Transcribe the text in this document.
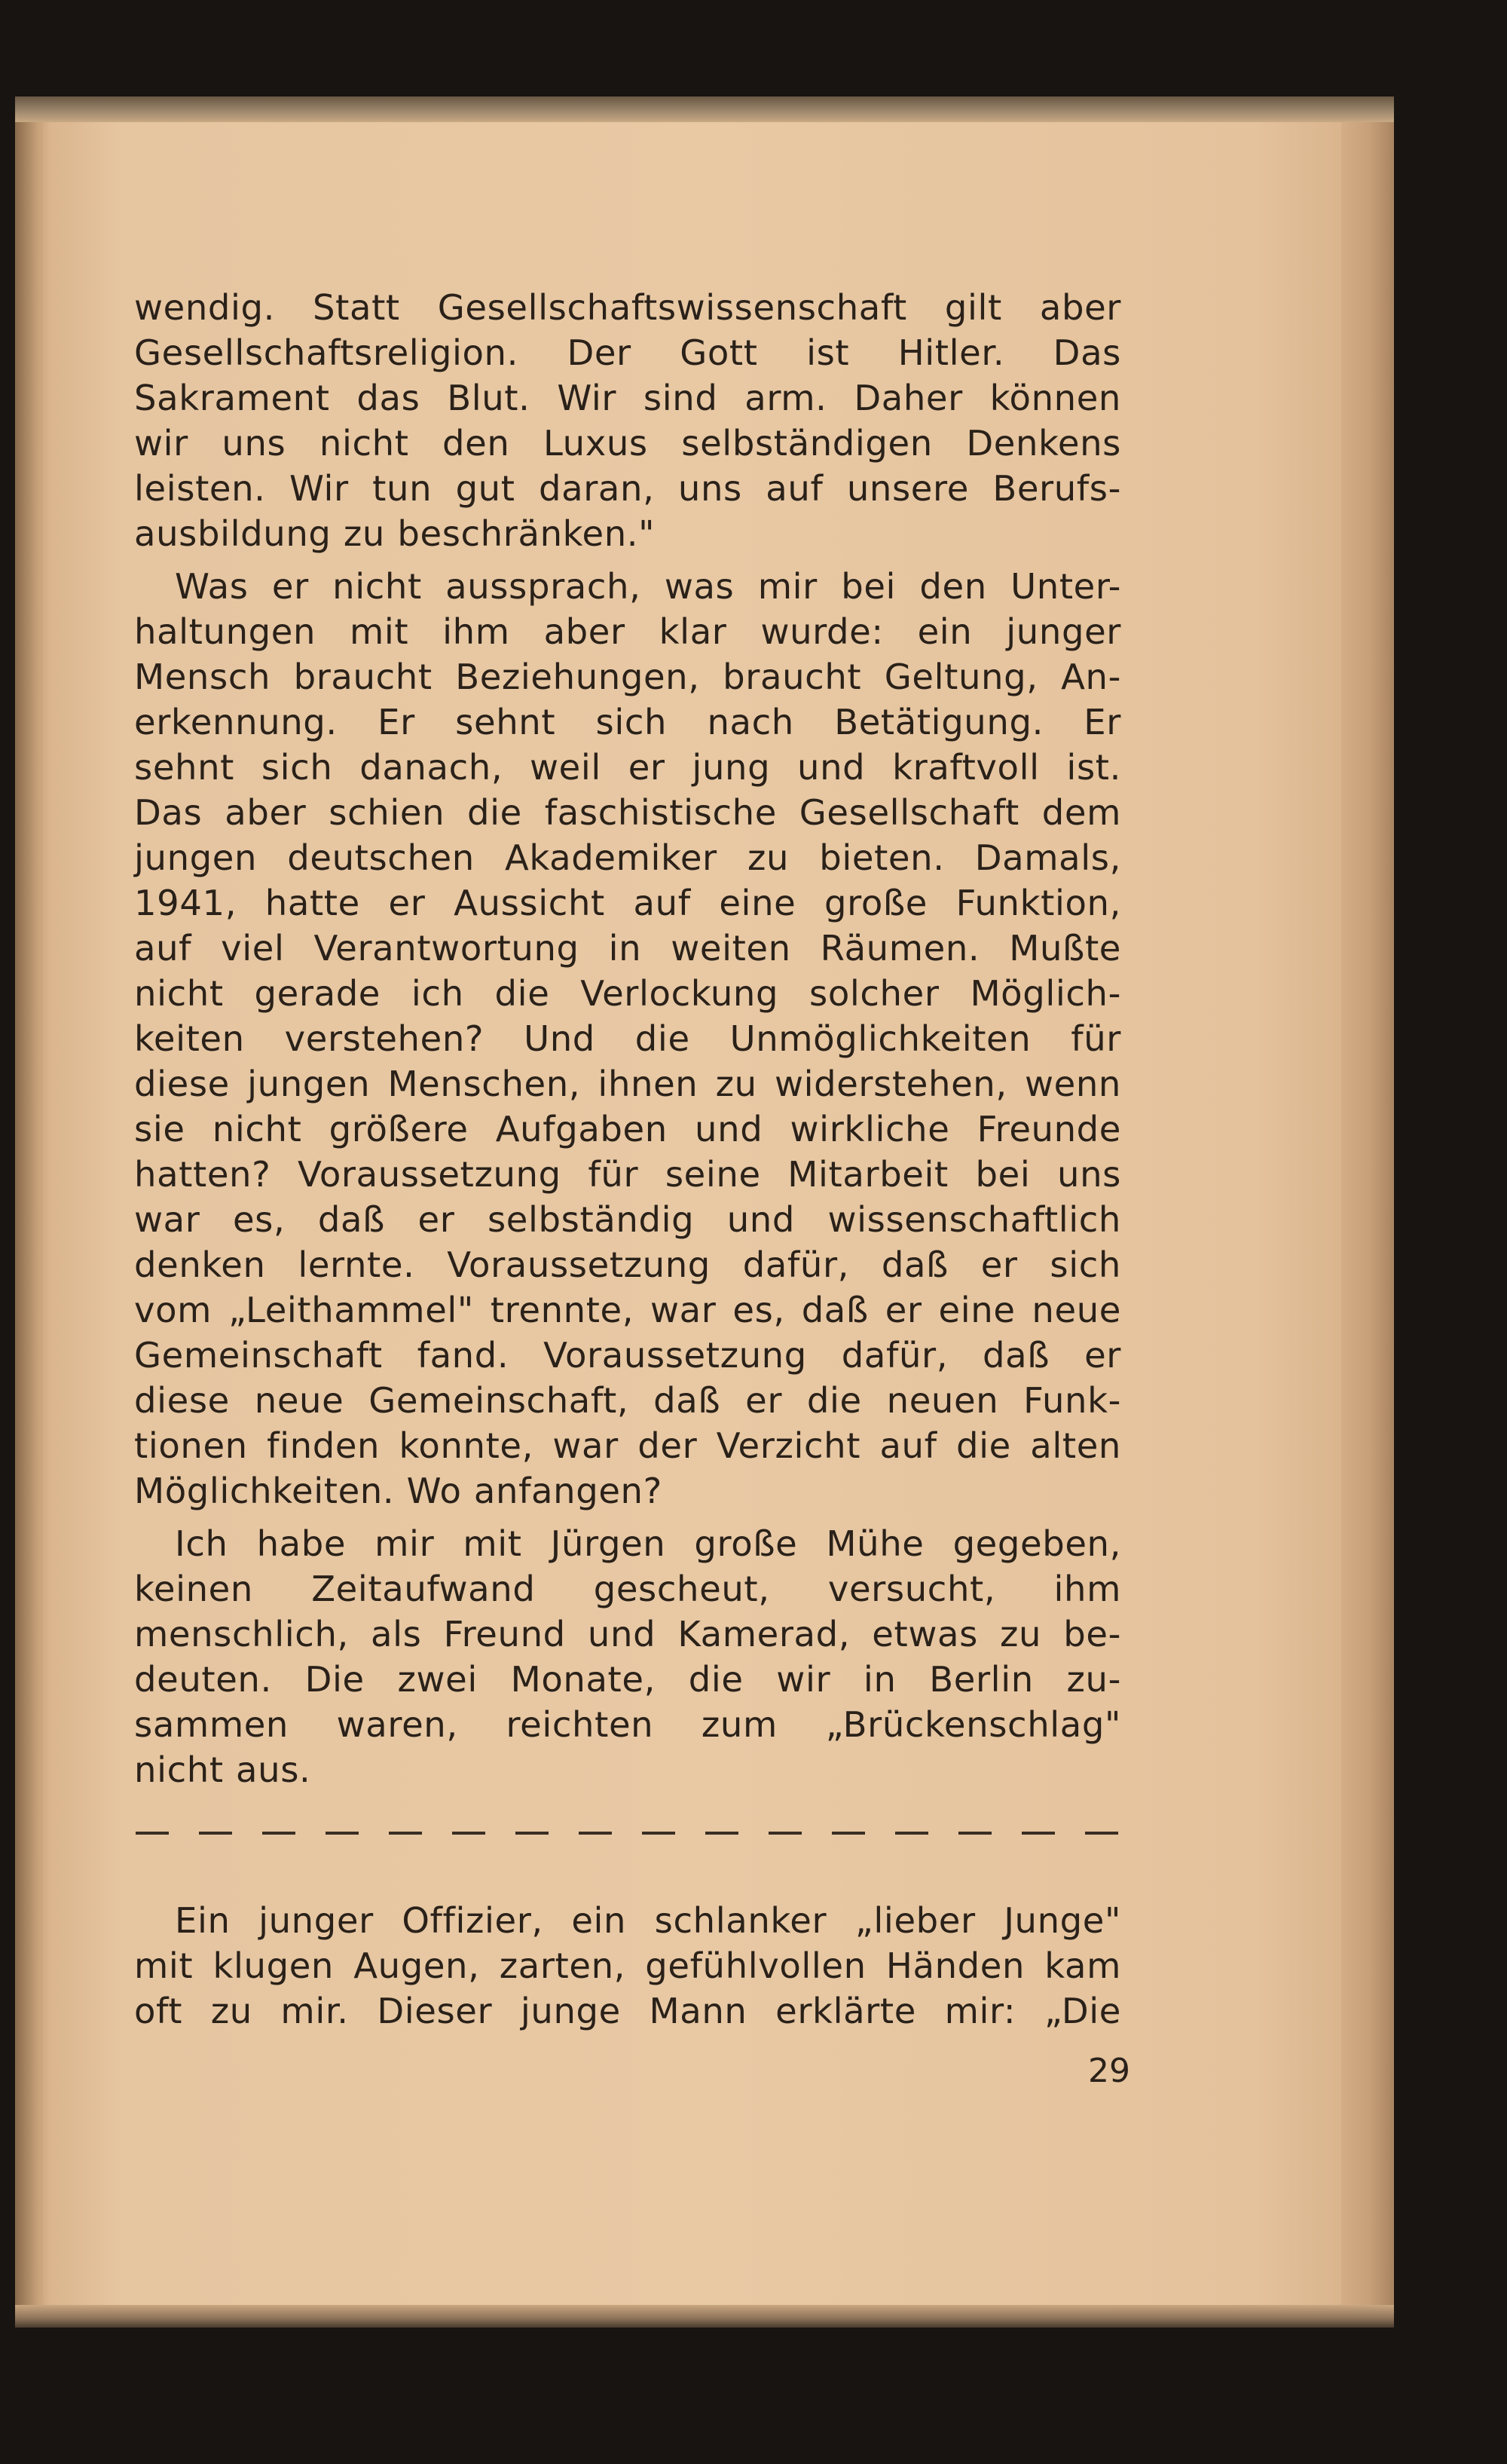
wendig. Statt Gesellschaftswissenschaft gilt aber
Gesellschaftsreligion. Der Gott ist Hitler. Das
Sakrament das Blut. Wir sind arm. Daher können
wir uns nicht den Luxus selbständigen Denkens
leisten. Wir tun gut daran, uns auf unsere Berufs-
ausbildung zu beschränken."
Was er nicht aussprach, was mir bei den Unter-
haltungen mit ihm aber klar wurde: ein junger
Mensch braucht Beziehungen, braucht Geltung, An-
erkennung. Er sehnt sich nach Betätigung. Er
sehnt sich danach, weil er jung und kraftvoll ist.
Das aber schien die faschistische Gesellschaft dem
jungen deutschen Akademiker zu bieten. Damals,
1941, hatte er Aussicht auf eine große Funktion,
auf viel Verantwortung in weiten Räumen. Mußte
nicht gerade ich die Verlockung solcher Möglich-
keiten verstehen? Und die Unmöglichkeiten für
diese jungen Menschen, ihnen zu widerstehen, wenn
sie nicht größere Aufgaben und wirkliche Freunde
hatten? Voraussetzung für seine Mitarbeit bei uns
war es, daß er selbständig und wissenschaftlich
denken lernte. Voraussetzung dafür, daß er sich
vom „Leithammel" trennte, war es, daß er eine neue
Gemeinschaft fand. Voraussetzung dafür, daß er
diese neue Gemeinschaft, daß er die neuen Funk-
tionen finden konnte, war der Verzicht auf die alten
Möglichkeiten. Wo anfangen?
Ich habe mir mit Jürgen große Mühe gegeben,
keinen Zeitaufwand gescheut, versucht, ihm
menschlich, als Freund und Kamerad, etwas zu be-
deuten. Die zwei Monate, die wir in Berlin zu-
sammen waren, reichten zum „Brückenschlag"
nicht aus.
Ein junger Offizier, ein schlanker „lieber Junge"
mit klugen Augen, zarten, gefühlvollen Händen kam
oft zu mir. Dieser junge Mann erklärte mir: „Die
29
